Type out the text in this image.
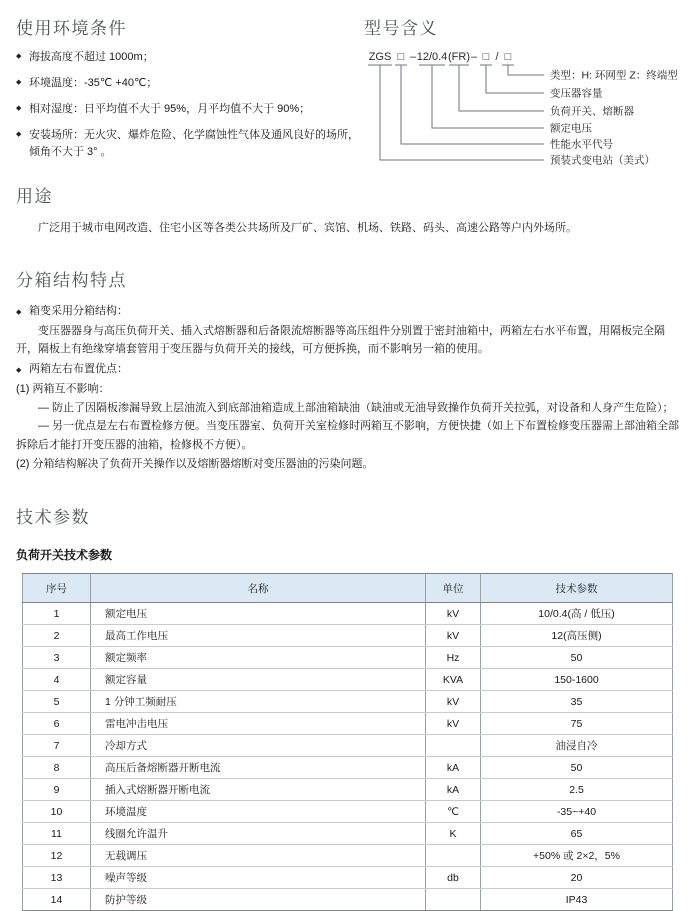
使用环境条件
◆ 海拔高度不超过 1000m；
◆ 环境温度：-35℃ +40℃；
◆ 相对湿度：日平均值不大于 95%，月平均值不大于 90%；
◆ 安装场所：无火灾、爆炸危险、化学腐蚀性气体及通风良好的场所，倾角不大于 3° 。
型号含义
ZGS □ – 12/0.4 (FR) – □ / □
类型：H: 环网型 Z：终端型
变压器容量
负荷开关、熔断器
额定电压
性能水平代号
预装式变电站（美式）
用途

广泛用于城市电网改造、住宅小区等各类公共场所及厂矿、宾馆、机场、铁路、码头、高速公路等户内外场所。

分箱结构特点
◆ 箱变采用分箱结构：

变压器器身与高压负荷开关、插入式熔断器和后备限流熔断器等高压组件分别置于密封油箱中，两箱左右水平布置，用隔板完全隔开，隔板上有绝缘穿墙套管用于变压器与负荷开关的接线，可方便拆换，而不影响另一箱的使用。

◆ 两箱左右布置优点：

(1) 两箱互不影响：

— 防止了因隔板渗漏导致上层油流入到底部油箱造成上部油箱缺油（缺油或无油导致操作负荷开关拉弧，对设备和人身产生危险）；

— 另一优点是左右布置检修方便。当变压器室、负荷开关室检修时两箱互不影响，方便快捷（如上下布置检修变压器需上部油箱全部拆除后才能打开变压器的油箱，检修极不方便）。

(2) 分箱结构解决了负荷开关操作以及熔断器熔断对变压器油的污染问题。

技术参数
负荷开关技术参数
序号	名称	单位	技术参数
1	额定电压	kV	10/0.4(高 / 低压)
2	最高工作电压	kV	12(高压侧)
3	额定频率	Hz	50
4	额定容量	KVA	150-1600
5	1 分钟工频耐压	kV	35
6	雷电冲击电压	kV	75
7	冷却方式		油浸自冷
8	高压后备熔断器开断电流	kA	50
9	插入式熔断器开断电流	kA	2.5
10	环境温度	℃	-35~+40
11	线圈允许温升	K	65
12	无载调压		+50% 或 2×2，5%
13	噪声等级	db	20
14	防护等级		IP43
